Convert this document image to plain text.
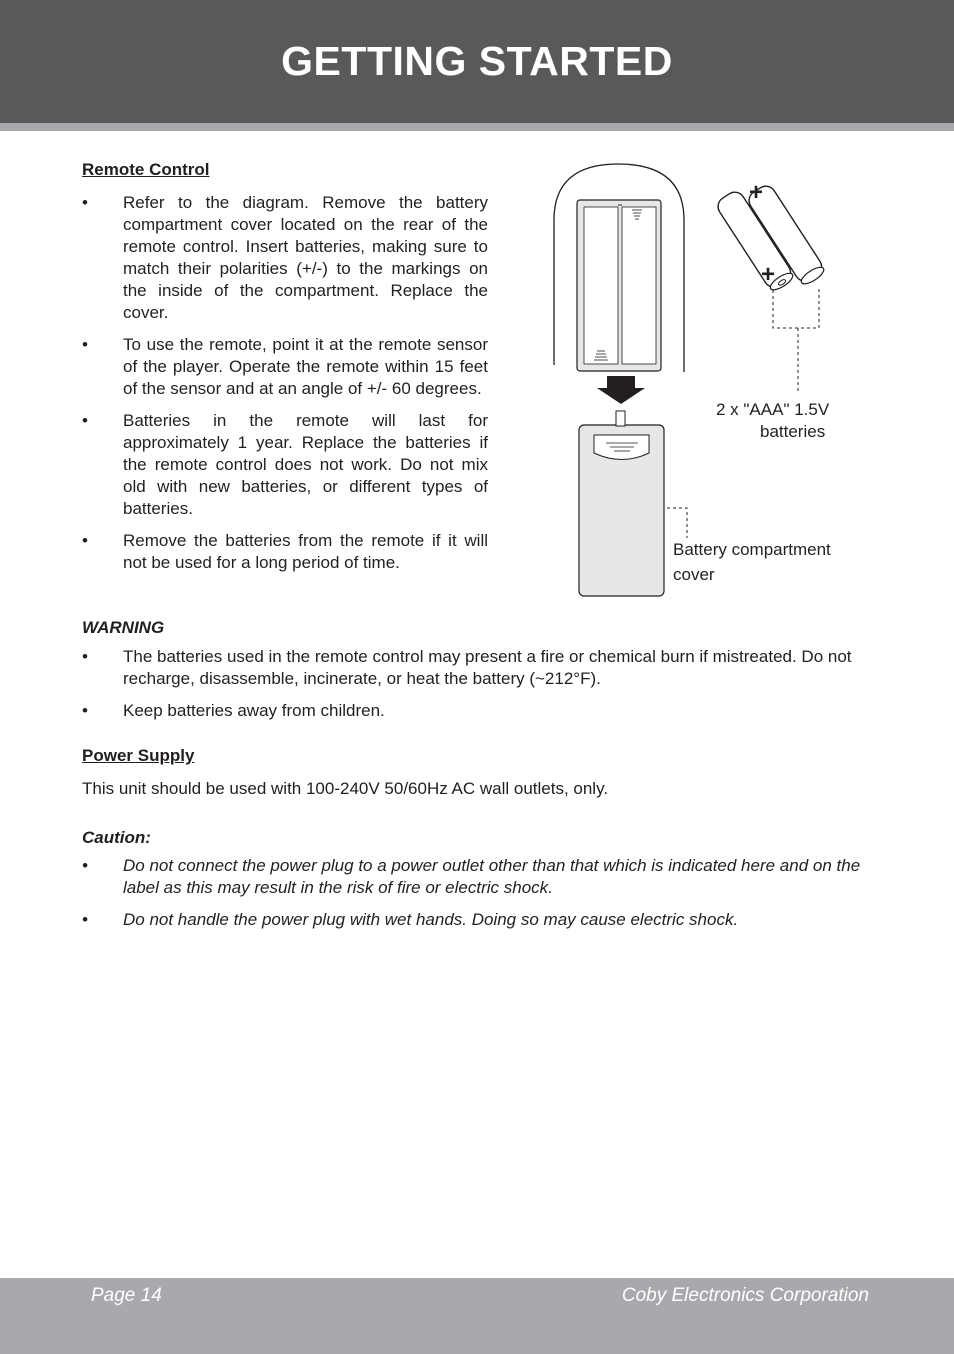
GETTING STARTED
Remote Control
• Refer to the diagram. Remove the battery compartment cover located on the rear of the remote control. Insert batteries, making sure to match their polarities (+/-) to the markings on the inside of the compartment. Replace the cover.
• To use the remote, point it at the remote sensor of the player. Operate the remote within 15 feet of the sensor and at an angle of +/- 60 degrees.
• Batteries in the remote will last for approximately 1 year. Replace the batteries if the remote control does not work. Do not mix old with new batteries, or different types of batteries.
• Remove the batteries from the remote if it will not be used for a long period of time.
+
+
2 x "AAA" 1.5V
batteries
Battery compartment
cover
WARNING
• The batteries used in the remote control may present a fire or chemical burn if mistreated. Do not recharge, disassemble, incinerate, or heat the battery (~212°F).
• Keep batteries away from children.
Power Supply

This unit should be used with 100-240V 50/60Hz AC wall outlets, only.

Caution:
• Do not connect the power plug to a power outlet other than that which is indicated here and on the label as this may result in the risk of fire or electric shock.
• Do not handle the power plug with wet hands. Doing so may cause electric shock.
Page 14	Coby Electronics Corporation
